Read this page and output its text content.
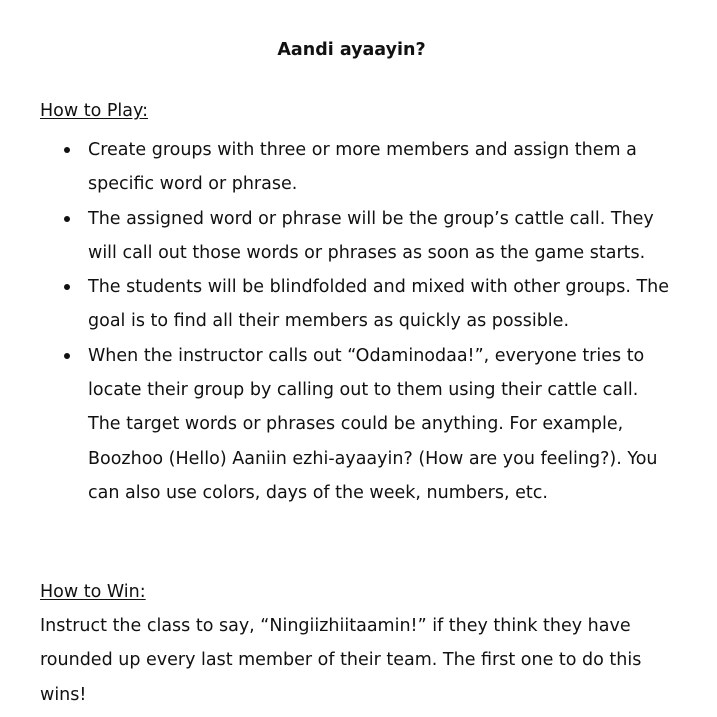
Aandi ayaayin?
How to Play:
Create groups with three or more members and assign them a specific word or phrase.
The assigned word or phrase will be the group’s cattle call. They will call out those words or phrases as soon as the game starts.
The students will be blindfolded and mixed with other groups. The goal is to find all their members as quickly as possible.
When the instructor calls out “Odaminodaa!”, everyone tries to locate their group by calling out to them using their cattle call. The target words or phrases could be anything. For example, Boozhoo (Hello) Aaniin ezhi-ayaayin? (How are you feeling?). You can also use colors, days of the week, numbers, etc.
How to Win:
Instruct the class to say, “Ningiizhiitaamin!” if they think they have rounded up every last member of their team. The first one to do this wins!
